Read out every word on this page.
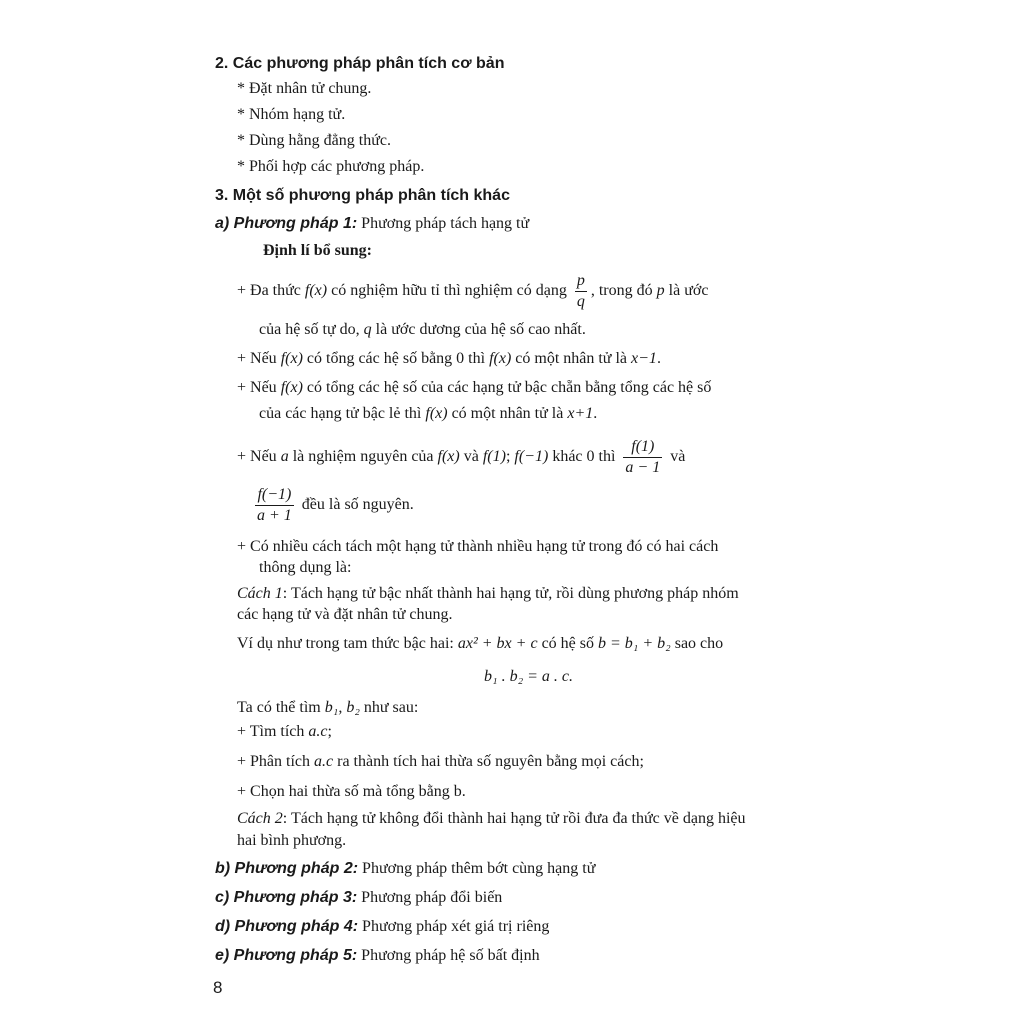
2. Các phương pháp phân tích cơ bản
* Đặt nhân tử chung.
* Nhóm hạng tử.
* Dùng hằng đẳng thức.
* Phối hợp các phương pháp.
3. Một số phương pháp phân tích khác
a) Phương pháp 1: Phương pháp tách hạng tử
Định lí bổ sung:
+ Đa thức f(x) có nghiệm hữu tỉ thì nghiệm có dạng $\frac{p}{q}$ , trong đó p là ước
của hệ số tự do, q là ước dương của hệ số cao nhất.
+ Nếu f(x) có tổng các hệ số bằng 0 thì f(x) có một nhân tử là x−1.
+ Nếu f(x) có tổng các hệ số của các hạng tử bậc chẵn bằng tổng các hệ số
của các hạng tử bậc lẻ thì f(x) có một nhân tử là x+1.
+ Nếu a là nghiệm nguyên của f(x) và f(1); f(−1) khác 0 thì $\frac{f(1)}{a - 1}$ và
$\frac{f(-1)}{a + 1}$ đều là số nguyên.
+ Có nhiều cách tách một hạng tử thành nhiều hạng tử trong đó có hai cách
thông dụng là:
Cách 1: Tách hạng tử bậc nhất thành hai hạng tử, rồi dùng phương pháp nhóm
các hạng tử và đặt nhân tử chung.
Ví dụ như trong tam thức bậc hai: ax² + bx + c có hệ số b = b₁ + b₂ sao cho
b₁ . b₂ = a . c.
Ta có thể tìm b₁, b₂ như sau:
+ Tìm tích a.c;
+ Phân tích a.c ra thành tích hai thừa số nguyên bằng mọi cách;
+ Chọn hai thừa số mà tổng bằng b.
Cách 2: Tách hạng tử không đổi thành hai hạng tử rồi đưa đa thức về dạng hiệu
hai bình phương.
b) Phương pháp 2: Phương pháp thêm bớt cùng hạng tử
c) Phương pháp 3: Phương pháp đổi biến
d) Phương pháp 4: Phương pháp xét giá trị riêng
e) Phương pháp 5: Phương pháp hệ số bất định
8
